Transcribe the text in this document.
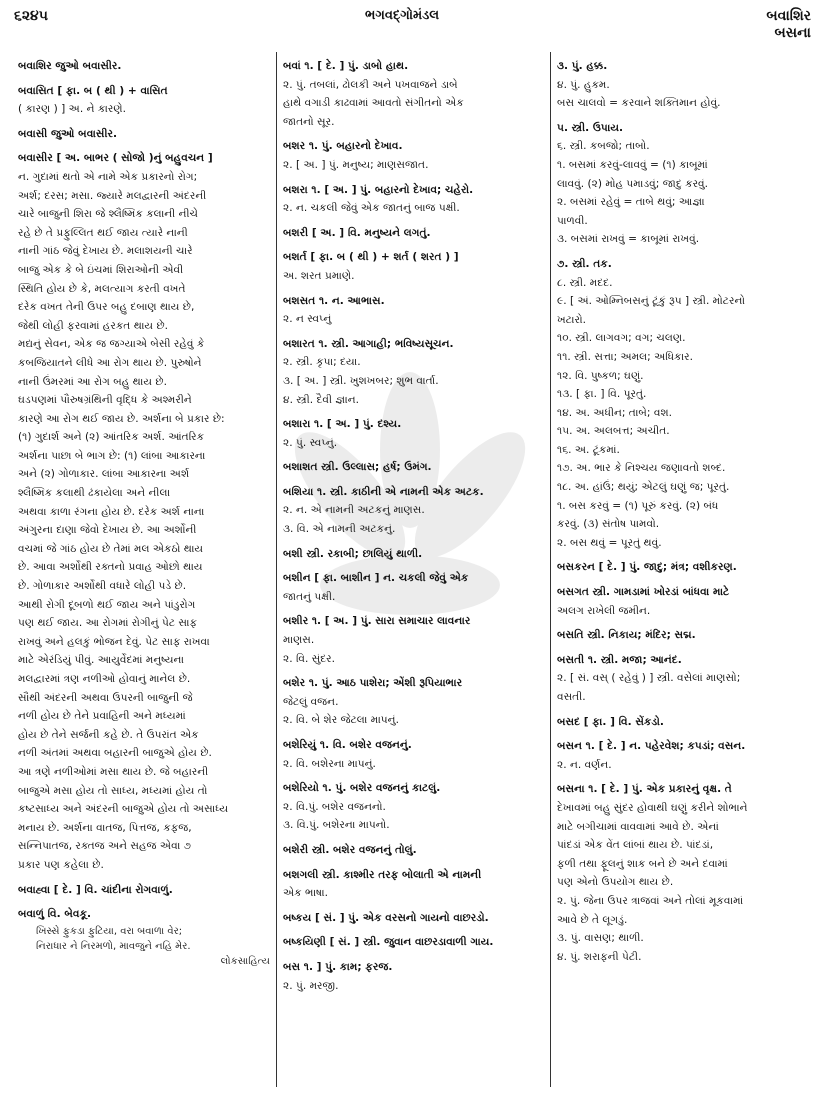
૬૨૪૫	ભગવદ્ગોમંડલ	બવાશિર
બસના
બવાશિર જુઓ બવાસીર.
બવાસિત [ ફા. બ ( થી ) + વાસિત
( કારણ ) ] અ. ને કારણે.
બવાસી જુઓ બવાસીર.
બવાસીર [ અ. બાભર ( સોજો )નું બહુવચન ]
ન. ગુદામાં થતો એ નામે એક પ્રકારનો રોગ;
અર્શ; દરસ; મસા. જ્યારે મલદ્વારની અંદરની
ચારે બાજુની શિરા જે શ્લૈષ્મિક કલાની નીચે
રહે છે તે પ્રફુલ્લિત થઈ જાય ત્યારે નાની
નાની ગાંઠ જેવું દેખાય છે. મલાશયની ચારે
બાજુ એક કે બે ઇંચમાં શિરાઓની એવી
સ્થિતિ હોય છે કે, મલત્યાગ કરતી વખતે
દરેક વખત તેની ઉપર બહુ દબાણ થાય છે,
જેથી લોહી ફરવામાં હરકત થાય છે.
મદ્યનું સેવન, એક જ જગ્યાએ બેસી રહેવું કે
કબજિયાતને લીધે આ રોગ થાય છે. પુરુષોને
નાની ઉંમરમાં આ રોગ બહુ થાય છે.
ઘડપણમાં પૌરુષગ્રંથિની વૃદ્ધિ કે અશ્મરીને
કારણે આ રોગ થઈ જાય છે. અર્શના બે પ્રકાર છે:
(૧) ગુદાર્શ અને (૨) આંતરિક અર્શ. આંતરિક
અર્શના પાછા બે ભાગ છે: (૧) લાંબા આકારના
અને (૨) ગોળાકાર. લાંબા આકારના અર્શ
શ્લૈષ્મિક કલાથી ઢંકાયેલા અને નીલા
અથવા કાળા રંગના હોય છે. દરેક અર્શ નાના
અંગુરના દાણા જેવો દેખાય છે. આ અર્શોની
વચમાં જે ગાંઠ હોય છે તેમાં મલ એકઠો થાય
છે. આવા અર્શોથી રક્તનો પ્રવાહ ઓછો થાય
છે. ગોળાકાર અર્શોથી વધારે લોહી પડે છે.
આથી રોગી દૂબળો થઈ જાય અને પાંડુરોગ
પણ થઈ જાય. આ રોગમાં રોગીનું પેટ સાફ
રાખવું અને હલકું ભોજન દેવું. પેટ સાફ રાખવા
માટે એરંડિયું પીવું. આયુર્વેદમાં મનુષ્યના
મલદ્વારમાં ત્રણ નળીઓ હોવાનું માનેલ છે.
સૌથી અંદરની અથવા ઉપરની બાજુની જે
નળી હોય છે તેને પ્રવાહિની અને મધ્યમાં
હોય છે તેને સર્જની કહે છે. તે ઉપરાંત એક
નળી અંતમાં અથવા બહારની બાજુએ હોય છે.
આ ત્રણે નળીઓમાં મસા થાય છે. જે બહારની
બાજુએ મસા હોય તો સાધ્ય, મધ્યમાં હોય તો
કષ્ટસાધ્ય અને અંદરની બાજુએ હોય તો અસાધ્ય
મનાય છે. અર્શના વાતજ, પિત્તજ, કફજ,
સન્નિપાતજ, રક્તજ અને સહજ એવા ૭
પ્રકાર પણ કહેલા છે.
બવાહ્વા [ દે. ] વિ. ચાંદીના રોગવાળું.
બવાળું વિ. બેવકૂ.
ખિસ્સે ફુકડા ફુટિયા, વરા બવાળા વેર;
નિરાધાર ને નિરમળો, માવજુને નહિ મેર.
લોકસાહિત્ય
બવાં ૧. [ દે. ] પું. ડાબો હાથ.
૨. પું. તબલાં, ઢોલકી અને પખવાજને ડાબે
હાથે વગાડી કાઢવામાં આવતો સંગીતનો એક
જાતનો સૂર.
બશર ૧. પું. બહારનો દેખાવ.
૨. [ અ. ] પું. મનુષ્ય; માણસજાત.
બશરા ૧. [ અ. ] પું. બહારનો દેખાવ; ચહેરો.
૨. ન. ચકલી જેવું એક જાતનું બાજ પક્ષી.
બશરી [ અ. ] વિ. મનુષ્યને લગતું.
બશર્ત [ ફા. બ ( થી ) + શર્ત ( શરત ) ]
અ. શરત પ્રમાણે.
બશસત ૧. ન. આભાસ.
૨. ન સ્વપ્નું
બશારત ૧. સ્ત્રી. આગાહી; ભવિષ્યસૂચન.
૨. સ્ત્રી. કૃપા; દયા.
૩. [ અ. ] સ્ત્રી. ખુશખબર; શુભ વાર્તા.
૪. સ્ત્રી. દૈવી જ્ઞાન.
બશારા ૧. [ અ. ] પું. દશ્ય.
૨. પું. સ્વપ્નું.
બશાશત સ્ત્રી. ઉલ્લાસ; હર્ષ; ઉમંગ.
બશિયા ૧. સ્ત્રી. કાઠીની એ નામની એક અટક.
૨. ન. એ નામની અટકનું માણસ.
૩. વિ. એ નામની અટકનું.
બશી સ્ત્રી. રકાબી; છાલિયું થાળી.
બશીન [ ફા. બાશીન ] ન. ચકલી જેવું એક
જાતનું પક્ષી.
બશીર ૧. [ અ. ] પું. સારા સમાચાર લાવનાર
માણસ.
૨. વિ. સુંદર.
બશેર ૧. પું. આઠ પાશેરા; એંશી રૂપિયાભાર
જેટલું વજન.
૨. વિ. બે શેર જેટલા માપનું.
બશેરિયું ૧. વિ. બશેર વજનનું.
૨. વિ. બશેરના માપનું.
બશેરિયો ૧. પું. બશેર વજનનું કાટલું.
૨. વિ.પું. બશેર વજનનો.
૩. વિ.પું. બશેરના માપનો.
બશેરી સ્ત્રી. બશેર વજનનું તોલું.
બશગલી સ્ત્રી. કાશ્મીર તરફ બોલાતી એ નામની
એક ભાષા.
બષ્કય [ સં. ] પું. એક વરસનો ગાયનો વાછરડો.
બષ્કયિણી [ સં. ] સ્ત્રી. જુવાન વાછરડાવાળી ગાય.
બસ ૧. ] પું. કામ; ફરજ.
૨. પું. મરજી.
૩. પું. હક્ક.
૪. પું. હુકમ.
બસ ચાલવો = કરવાને શક્તિમાન હોવું.
૫. સ્ત્રી. ઉપાય.
૬. સ્ત્રી. કબજો; તાબો.
૧. બસમાં કરવું-લાવવું = (૧) કાબૂમાં
લાવવું. (૨) મોહ પમાડવું; જાદુ કરવું.
૨. બસમાં રહેવું = તાબે થવું; આજ્ઞા
પાળવી.
૩. બસમાં રાખવું = કાબૂમાં રાખવું.
૭. સ્ત્રી. તક.
૮. સ્ત્રી. મદદ.
૯. [ અં. ઓમ્નિબસનું ટૂંકું રૂપ ] સ્ત્રી. મોટરનો
ખટારો.
૧૦. સ્ત્રી. લાગવગ; વગ; ચલણ.
૧૧. સ્ત્રી. સત્તા; અમલ; અધિકાર.
૧૨. વિ. પુષ્કળ; ઘણું.
૧૩. [ ફા. ] વિ. પૂરતું.
૧૪. અ. અધીન; તાબે; વશ.
૧૫. અ. અલબત્ત; અચીત.
૧૬. અ. ટૂંકમાં.
૧૭. અ. ભાર કે નિશ્ચય જણાવતો શબ્દ.
૧૮. અ. હાંઉં; થયું; એટલું ઘણું જ; પૂરતું.
૧. બસ કરવું = (૧) પૂરું કરવું. (૨) બંધ
કરવું. (૩) સંતોષ પામવો.
૨. બસ થવું = પૂરતું થવું.
બસકરન [ દે. ] પું. જાદુ; મંત્ર; વશીકરણ.
બસગત સ્ત્રી. ગામડામાં ખોરડાં બાંધવા માટે
અલગ રાખેલી જમીન.
બસતિ સ્ત્રી. નિકાય; મંદિર; સદ્મ.
બસતી ૧. સ્ત્રી. મજા; આનંદ.
૨. [ સં. વસ્ ( રહેવું ) ] સ્ત્રી. વસેલાં માણસો;
વસતી.
બસદ [ ફા. ] વિ. સેંકડો.
બસન ૧. [ દે. ] ન. પહેરવેશ; કપડાં; વસન.
૨. ન. વર્ણન.
બસના ૧. [ દે. ] પું. એક પ્રકારનું વૃક્ષ. તે
દેખાવમાં બહુ સુંદર હોવાથી ઘણું કરીને શોભાને
માટે બગીચામાં વાવવામાં આવે છે. એનાં
પાંદડાં એક વેંત લાંબાં થાય છે. પાંદડાં,
ફળી તથા ફૂલનું શાક બને છે અને દવામાં
પણ એનો ઉપયોગ થાય છે.
૨. પું. જેના ઉપર ત્રાજવાં અને તોલાં મૂકવામાં
આવે છે તે લૂગડું.
૩. પું. વાસણ; થાળી.
૪. પું. શરાફની પેટી.
